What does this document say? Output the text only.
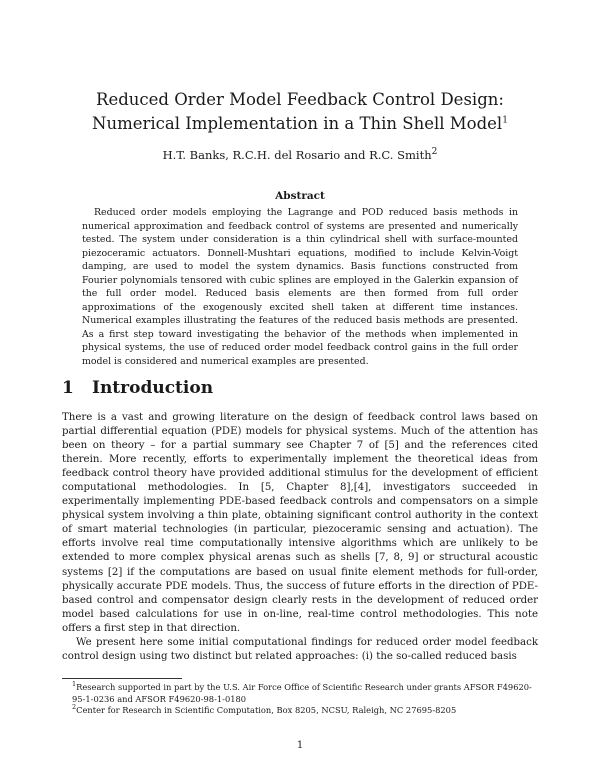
Reduced Order Model Feedback Control Design:
Numerical Implementation in a Thin Shell Model$^1$
H.T. Banks, R.C.H. del Rosario and R.C. Smith$^2$
Abstract

Reduced order models employing the Lagrange and POD reduced basis methods in numerical approximation and feedback control of systems are presented and numerically tested. The system under consideration is a thin cylindrical shell with surface-mounted piezoceramic actuators. Donnell-Mushtari equations, modified to include Kelvin-Voigt damping, are used to model the system dynamics. Basis functions constructed from Fourier polynomials tensored with cubic splines are employed in the Galerkin expansion of the full order model. Reduced basis elements are then formed from full order approximations of the exogenously excited shell taken at different time instances. Numerical examples illustrating the features of the reduced basis methods are presented. As a first step toward investigating the behavior of the methods when implemented in physical systems, the use of reduced order model feedback control gains in the full order model is considered and numerical examples are presented.

1 Introduction

There is a vast and growing literature on the design of feedback control laws based on partial differential equation (PDE) models for physical systems. Much of the attention has been on theory – for a partial summary see Chapter 7 of [5] and the references cited therein. More recently, efforts to experimentally implement the theoretical ideas from feedback control theory have provided additional stimulus for the development of efficient computational methodologies. In [5, Chapter 8],[4], investigators succeeded in experimentally implementing PDE-based feedback controls and compensators on a simple physical system involving a thin plate, obtaining significant control authority in the context of smart material technologies (in particular, piezoceramic sensing and actuation). The efforts involve real time computationally intensive algorithms which are unlikely to be extended to more complex physical arenas such as shells [7, 8, 9] or structural acoustic systems [2] if the computations are based on usual finite element methods for full-order, physically accurate PDE models. Thus, the success of future efforts in the direction of PDE-based control and compensator design clearly rests in the development of reduced order model based calculations for use in on-line, real-time control methodologies. This note offers a first step in that direction.

We present here some initial computational findings for reduced order model feedback control design using two distinct but related approaches: (i) the so-called reduced basis

$^1$Research supported in part by the U.S. Air Force Office of Scientific Research under grants AFSOR F49620-95-1-0236 and AFSOR F49620-98-1-0180

$^2$Center for Research in Scientific Computation, Box 8205, NCSU, Raleigh, NC 27695-8205

1
